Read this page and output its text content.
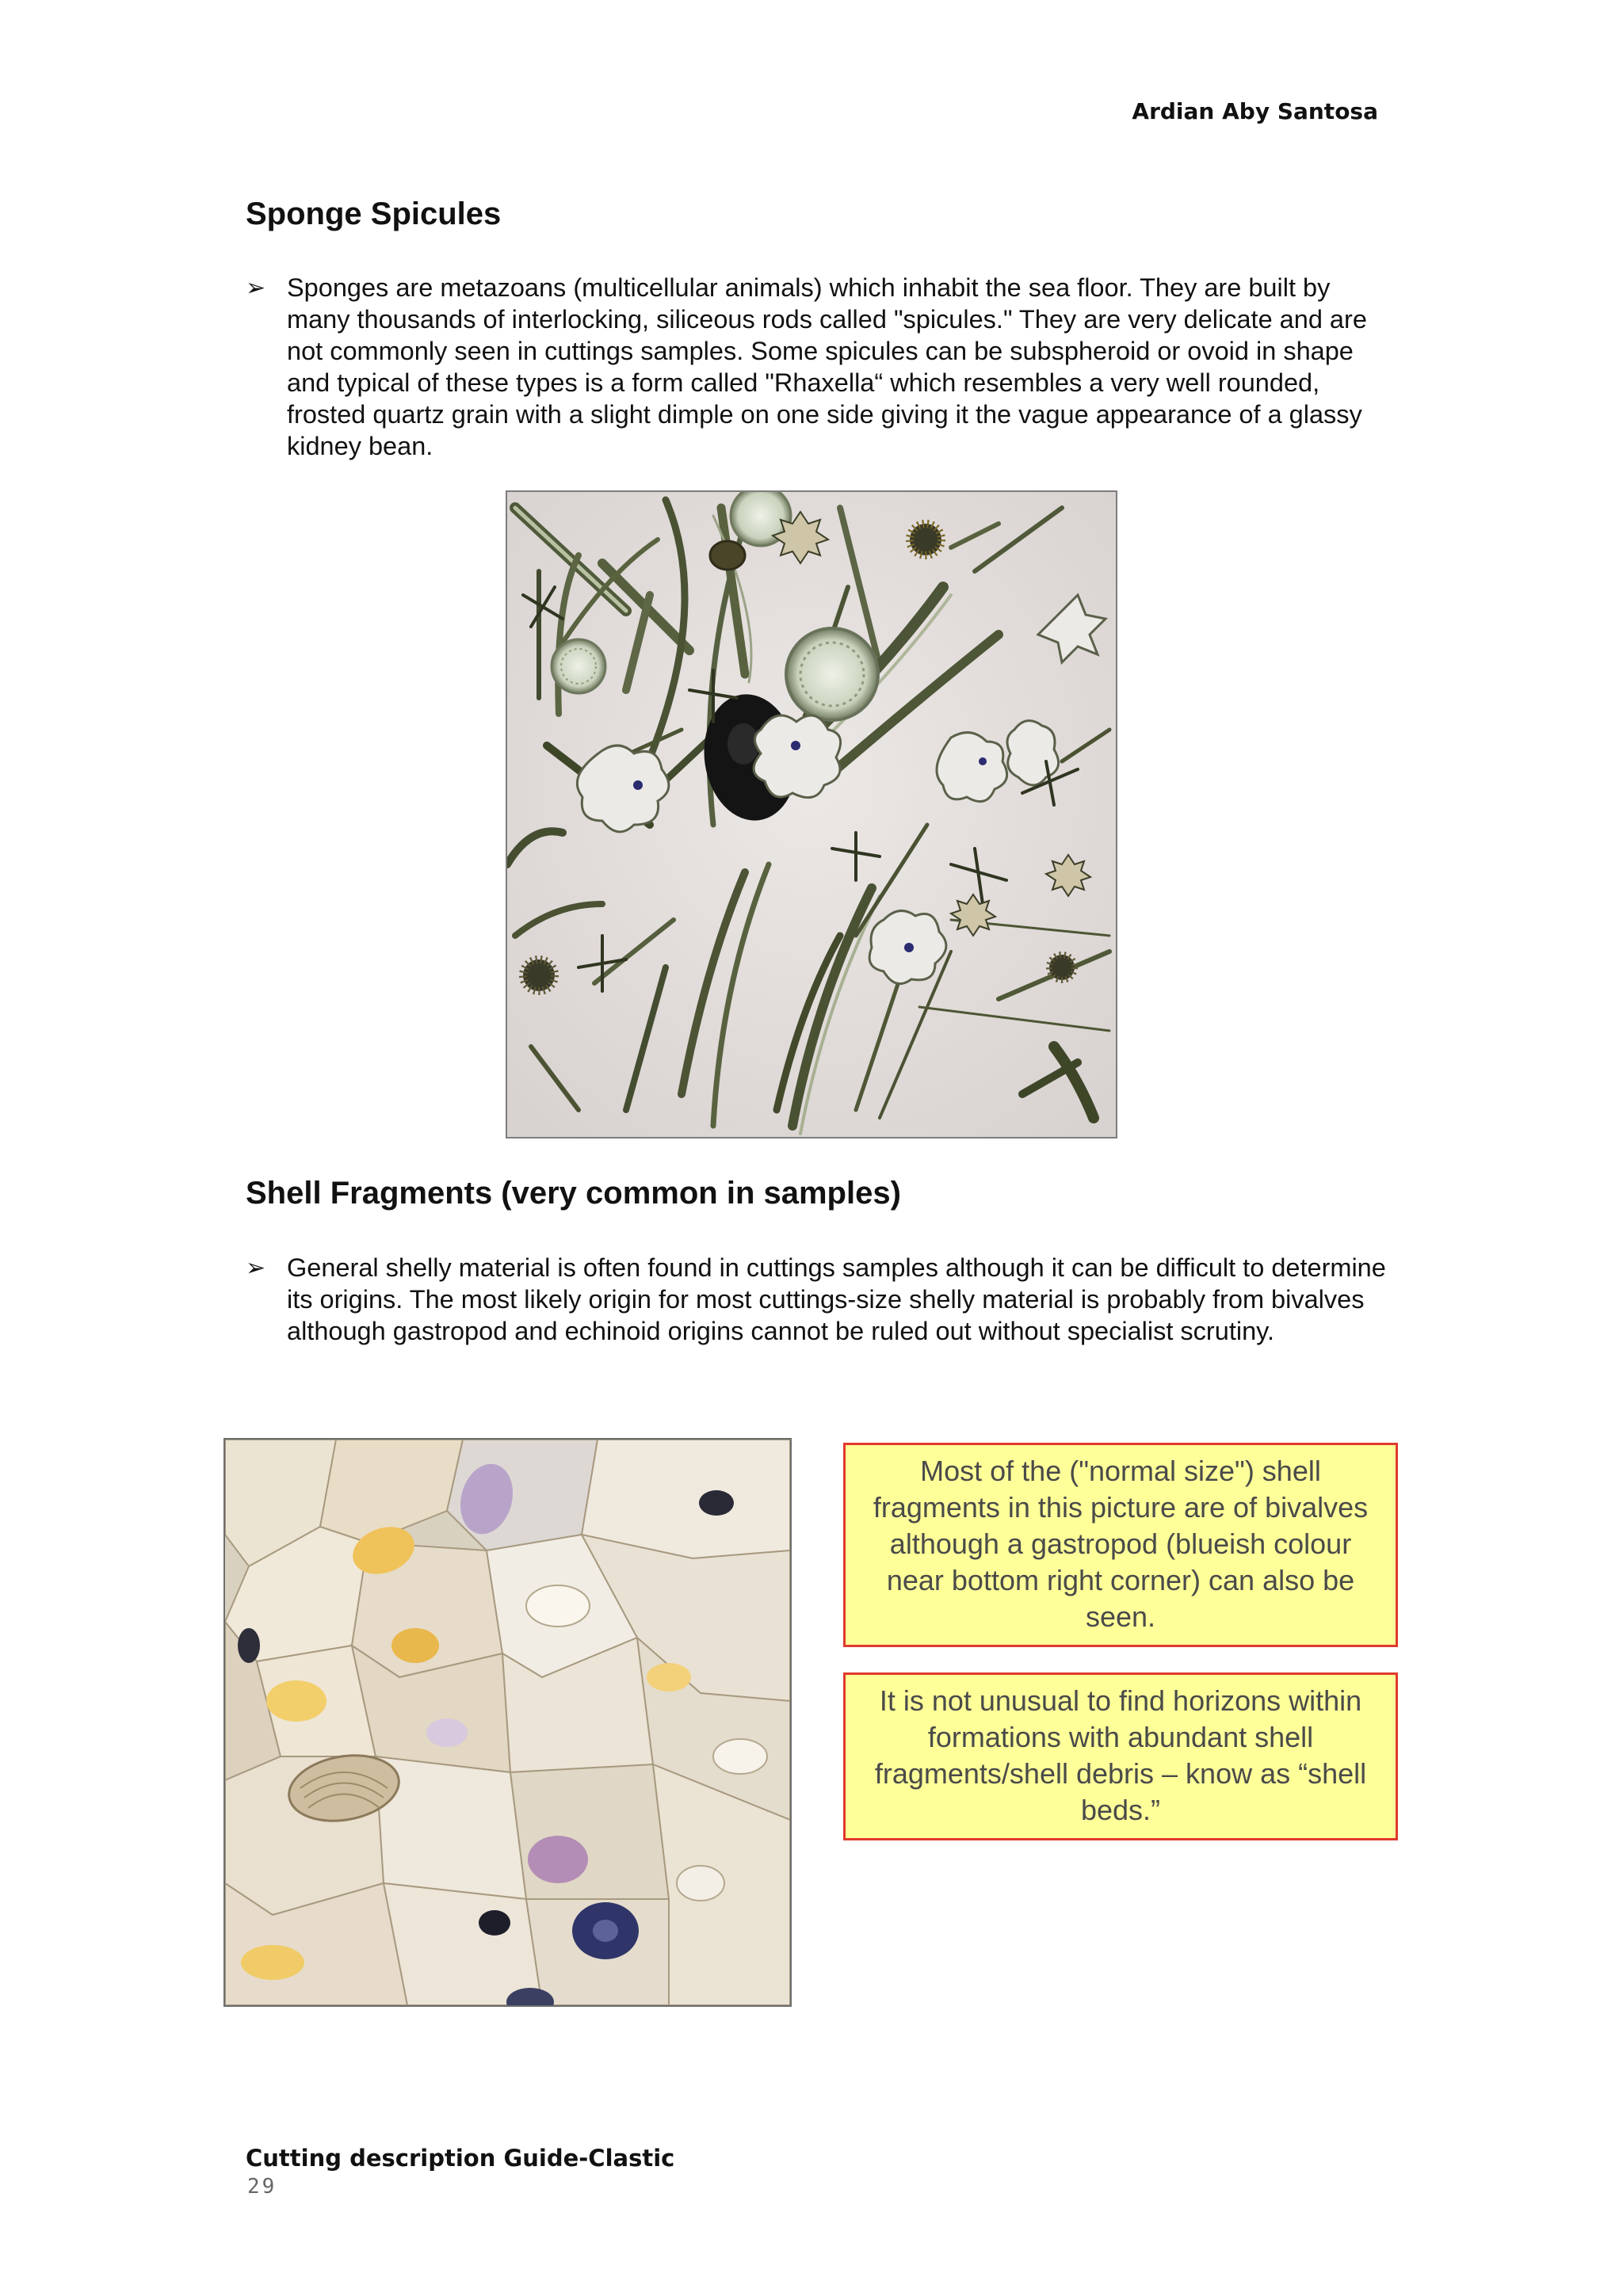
Ardian Aby Santosa
Sponge Spicules
➢ Sponges are metazoans (multicellular animals) which inhabit the sea floor. They are built by many thousands of interlocking, siliceous rods called "spicules." They are very delicate and are not commonly seen in cuttings samples. Some spicules can be subspheroid or ovoid in shape and typical of these types is a form called "Rhaxella“ which resembles a very well rounded, frosted quartz grain with a slight dimple on one side giving it the vague appearance of a glassy kidney bean.

Shell Fragments (very common in samples)
➢ General shelly material is often found in cuttings samples although it can be difficult to determine its origins. The most likely origin for most cuttings-size shelly material is probably from bivalves although gastropod and echinoid origins cannot be ruled out without specialist scrutiny.

Most of the ("normal size") shell fragments in this picture are of bivalves although a gastropod (blueish colour near bottom right corner) can also be seen.
It is not unusual to find horizons within formations with abundant shell fragments/shell debris – know as “shell beds.”
Cutting description Guide-Clastic
29
